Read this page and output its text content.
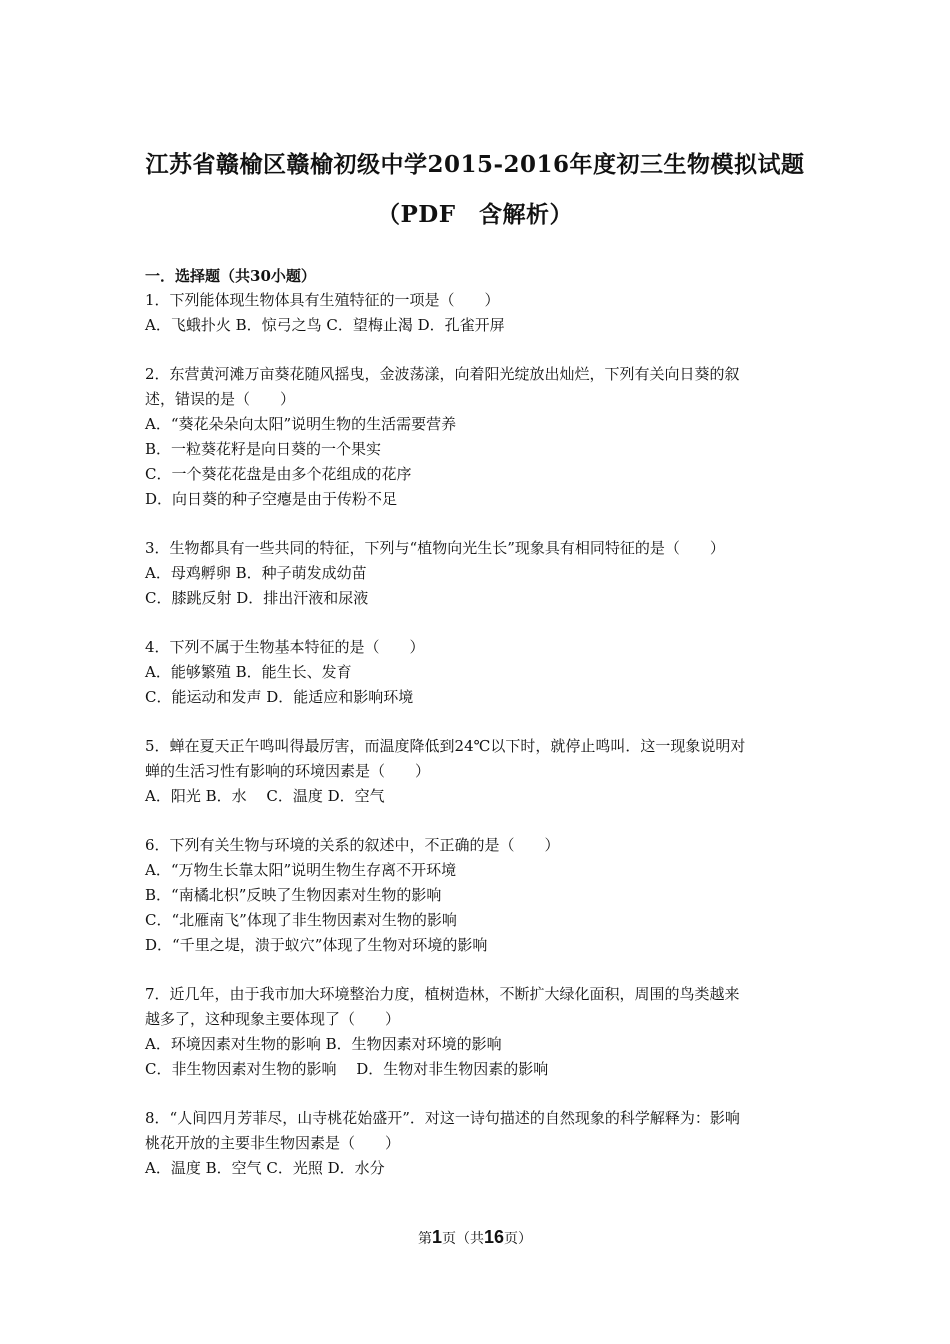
江苏省赣榆区赣榆初级中学2015-2016年度初三生物模拟试题
（PDF　含解析）
一．选择题（共30小题）
1．下列能体现生物体具有生殖特征的一项是（　　）
A．飞蛾扑火 B．惊弓之鸟 C．望梅止渴 D．孔雀开屏
2．东营黄河滩万亩葵花随风摇曳，金波荡漾，向着阳光绽放出灿烂，下列有关向日葵的叙
述，错误的是（　　）
A．“葵花朵朵向太阳”说明生物的生活需要营养
B．一粒葵花籽是向日葵的一个果实
C．一个葵花花盘是由多个花组成的花序
D．向日葵的种子空瘪是由于传粉不足
3．生物都具有一些共同的特征，下列与“植物向光生长”现象具有相同特征的是（　　）
A．母鸡孵卵 B．种子萌发成幼苗
C．膝跳反射 D．排出汗液和尿液
4．下列不属于生物基本特征的是（　　）
A．能够繁殖 B．能生长、发育
C．能运动和发声 D．能适应和影响环境
5．蝉在夏天正午鸣叫得最厉害，而温度降低到24℃以下时，就停止鸣叫．这一现象说明对
蝉的生活习性有影响的环境因素是（　　）
A．阳光 B．水　 C．温度 D．空气
6．下列有关生物与环境的关系的叙述中，不正确的是（　　）
A．“万物生长靠太阳”说明生物生存离不开环境
B．“南橘北枳”反映了生物因素对生物的影响
C．“北雁南飞”体现了非生物因素对生物的影响
D．“千里之堤，溃于蚁穴”体现了生物对环境的影响
7．近几年，由于我市加大环境整治力度，植树造林，不断扩大绿化面积，周围的鸟类越来
越多了，这种现象主要体现了（　　）
A．环境因素对生物的影响 B．生物因素对环境的影响
C．非生物因素对生物的影响　 D．生物对非生物因素的影响
8．“人间四月芳菲尽，山寺桃花始盛开”．对这一诗句描述的自然现象的科学解释为：影响
桃花开放的主要非生物因素是（　　）
A．温度 B．空气 C．光照 D．水分
第1页（共16页）
